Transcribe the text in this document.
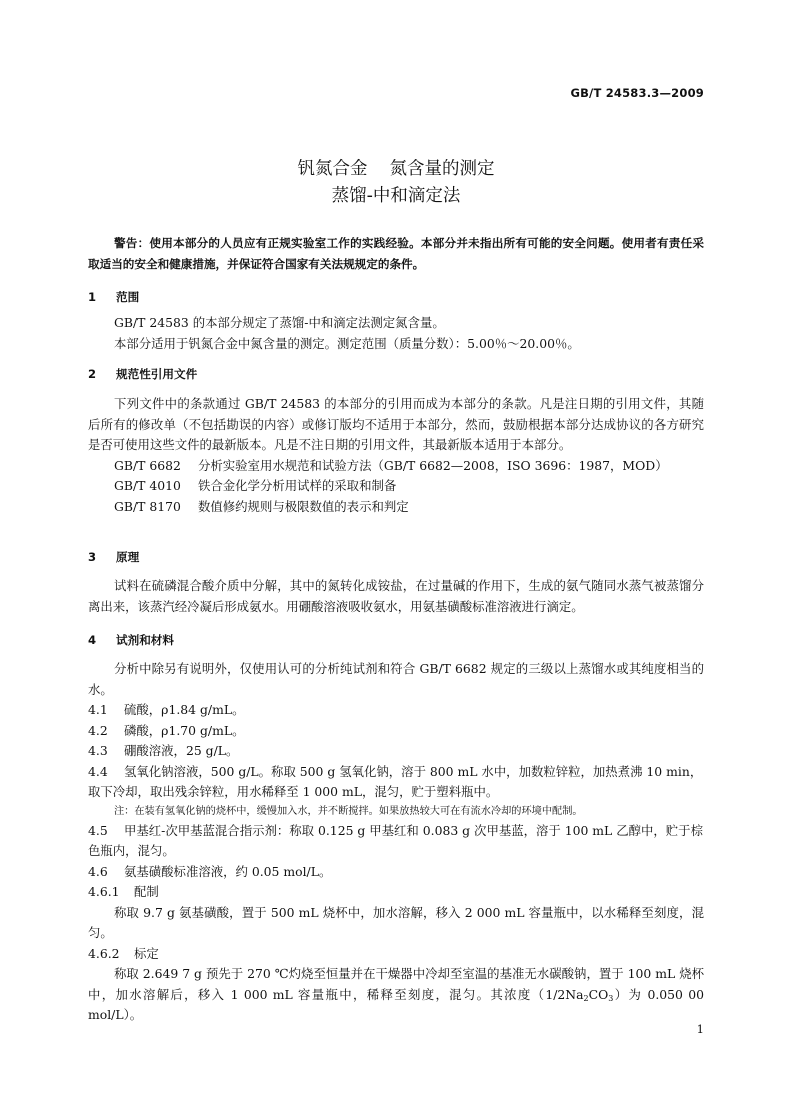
GB/T 24583.3—2009
钒氮合金 氮含量的测定
蒸馏-中和滴定法
警告：使用本部分的人员应有正规实验室工作的实践经验。本部分并未指出所有可能的安全问题。使用者有责任采取适当的安全和健康措施，并保证符合国家有关法规规定的条件。
1 范围

GB/T 24583 的本部分规定了蒸馏-中和滴定法测定氮含量。

本部分适用于钒氮合金中氮含量的测定。测定范围（质量分数）：5.00％～20.00％。

2 规范性引用文件

下列文件中的条款通过 GB/T 24583 的本部分的引用而成为本部分的条款。凡是注日期的引用文件，其随后所有的修改单（不包括勘误的内容）或修订版均不适用于本部分，然而，鼓励根据本部分达成协议的各方研究是否可使用这些文件的最新版本。凡是不注日期的引用文件，其最新版本适用于本部分。

GB/T 6682 分析实验室用水规范和试验方法（GB/T 6682—2008，ISO 3696：1987，MOD）
GB/T 4010 铁合金化学分析用试样的采取和制备
GB/T 8170 数值修约规则与极限数值的表示和判定
3 原理

试料在硫磷混合酸介质中分解，其中的氮转化成铵盐，在过量碱的作用下，生成的氨气随同水蒸气被蒸馏分离出来，该蒸汽经冷凝后形成氨水。用硼酸溶液吸收氨水，用氨基磺酸标准溶液进行滴定。

4 试剂和材料

分析中除另有说明外，仅使用认可的分析纯试剂和符合 GB/T 6682 规定的三级以上蒸馏水或其纯度相当的水。

4.1 硫酸，ρ1.84 g/mL。
4.2 磷酸，ρ1.70 g/mL。
4.3 硼酸溶液，25 g/L。
4.4 氢氧化钠溶液，500 g/L。称取 500 g 氢氧化钠，溶于 800 mL 水中，加数粒锌粒，加热煮沸 10 min，取下冷却，取出残余锌粒，用水稀释至 1 000 mL，混匀，贮于塑料瓶中。
注：在装有氢氧化钠的烧杯中，缓慢加入水，并不断搅拌。如果放热较大可在有流水冷却的环境中配制。
4.5 甲基红-次甲基蓝混合指示剂：称取 0.125 g 甲基红和 0.083 g 次甲基蓝，溶于 100 mL 乙醇中，贮于棕色瓶内，混匀。
4.6 氨基磺酸标准溶液，约 0.05 mol/L。
4.6.1 配制

称取 9.7 g 氨基磺酸，置于 500 mL 烧杯中，加水溶解，移入 2 000 mL 容量瓶中，以水稀释至刻度，混匀。

4.6.2 标定

称取 2.649 7 g 预先于 270 ℃灼烧至恒量并在干燥器中冷却至室温的基准无水碳酸钠，置于 100 mL 烧杯中，加水溶解后，移入 1 000 mL 容量瓶中，稀释至刻度，混匀。其浓度$(1/2Na_2CO_3)$为 0.050 00 mol/L）。

1
